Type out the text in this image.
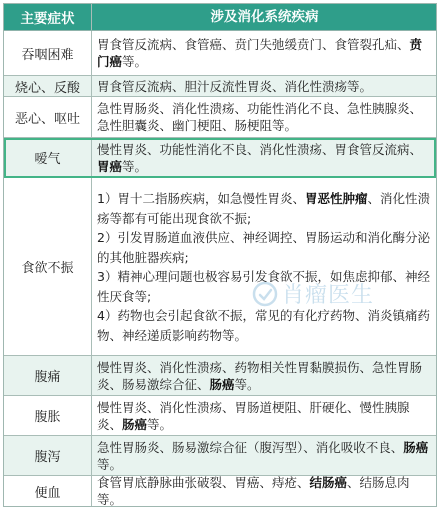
主要症状	涉及消化系统疾病
吞咽困难
胃食管反流病、食管癌、贲门失弛缓贲门、食管裂孔疝、贲门癌等。
烧心、反酸	胃食管反流病、胆汁反流性胃炎、消化性溃疡等。
恶心、呕吐
急性胃肠炎、消化性溃疡、功能性消化不良、急性胰腺炎、急性胆囊炎、幽门梗阻、肠梗阻等。
嗳气
慢性胃炎、功能性消化不良、消化性溃疡、胃食管反流病、胃癌等。
食欲不振

1）胃十二指肠疾病，如急慢性胃炎、胃恶性肿瘤、消化性溃疡等都有可能出现食欲不振;

2）引发胃肠道血液供应、神经调控、胃肠运动和消化酶分泌 的其他脏器疾病;

3）精神心理问题也极容易引发食欲不振，如焦虑抑郁、神经 性厌食等;

4）药物也会引起食欲不振，常见的有化疗药物、消炎镇痛药 物、神经递质影响药物等。

腹痛
慢性胃炎、消化性溃疡、药物相关性胃黏膜损伤、急性胃肠炎、肠易激综合征、肠癌等。
腹胀
慢性胃炎、消化性溃疡、胃肠道梗阻、肝硬化、慢性胰腺炎、肠癌等。
腹泻
急性胃肠炎、肠易激综合征（腹泻型）、消化吸收不良、肠癌等。
便血
食管胃底静脉曲张破裂、胃癌、痔疮、结肠癌、结肠息肉等。
肖瘤医生
